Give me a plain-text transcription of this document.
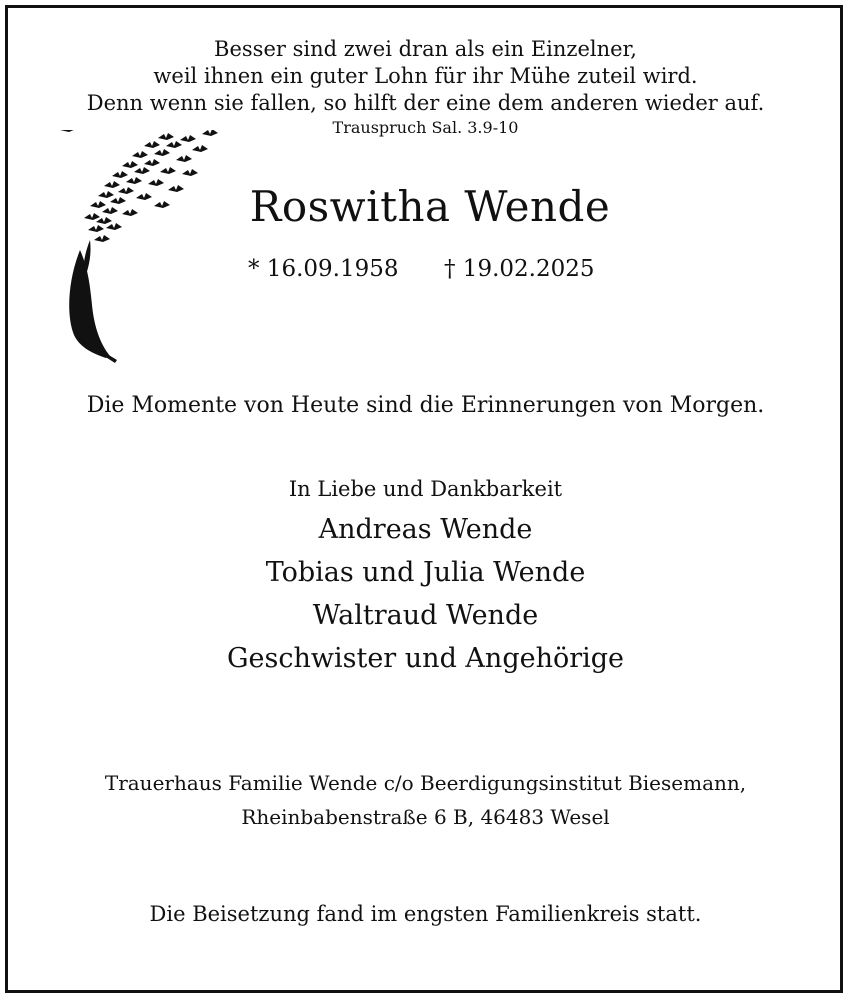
Besser sind zwei dran als ein Einzelner,
weil ihnen ein guter Lohn für ihr Mühe zuteil wird.
Denn wenn sie fallen, so hilft der eine dem anderen wieder auf.
Trauspruch Sal. 3.9-10
Roswitha Wende
* 16.09.1958 † 19.02.2025
Die Momente von Heute sind die Erinnerungen von Morgen.
In Liebe und Dankbarkeit
Andreas Wende
Tobias und Julia Wende
Waltraud Wende
Geschwister und Angehörige
Trauerhaus Familie Wende c/o Beerdigungsinstitut Biesemann,
Rheinbabenstraße 6 B, 46483 Wesel
Die Beisetzung fand im engsten Familienkreis statt.
